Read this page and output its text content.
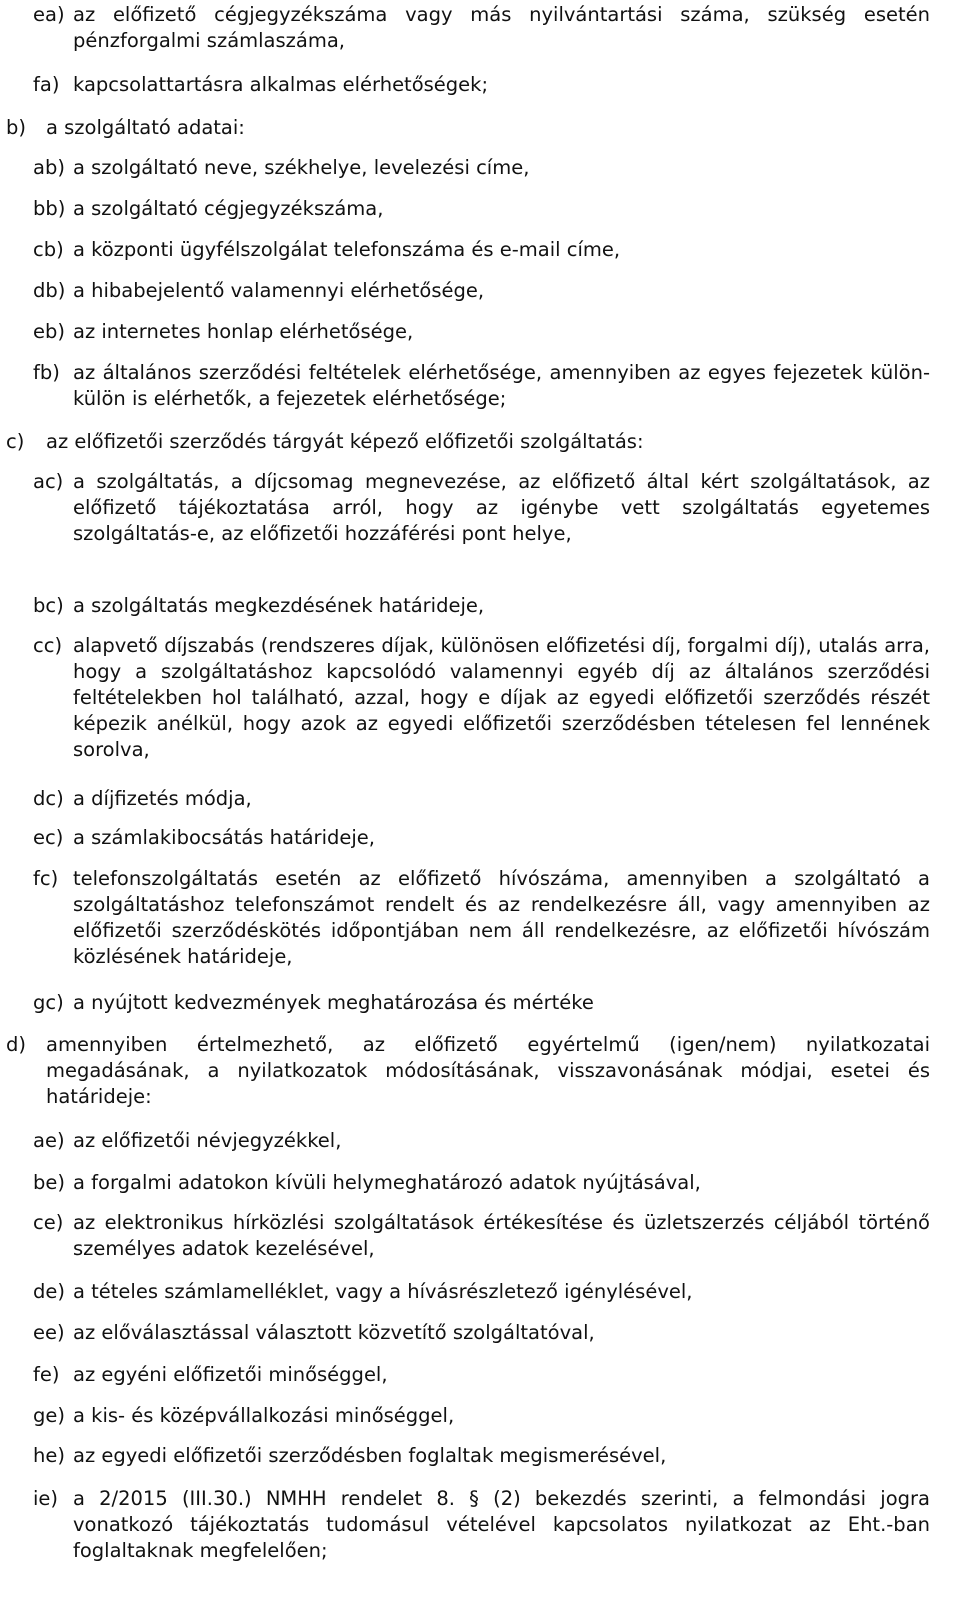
ea) az előfizető cégjegyzékszáma vagy más nyilvántartási száma, szükség esetén pénzforgalmi számlaszáma,
fa) kapcsolattartásra alkalmas elérhetőségek;
b) a szolgáltató adatai:
ab) a szolgáltató neve, székhelye, levelezési címe,
bb) a szolgáltató cégjegyzékszáma,
cb) a központi ügyfélszolgálat telefonszáma és e-mail címe,
db) a hibabejelentő valamennyi elérhetősége,
eb) az internetes honlap elérhetősége,
fb) az általános szerződési feltételek elérhetősége, amennyiben az egyes fejezetek külön-külön is elérhetők, a fejezetek elérhetősége;
c) az előfizetői szerződés tárgyát képező előfizetői szolgáltatás:
ac) a szolgáltatás, a díjcsomag megnevezése, az előfizető által kért szolgáltatások, az előfizető tájékoztatása arról, hogy az igénybe vett szolgáltatás egyetemes szolgáltatás-e, az előfizetői hozzáférési pont helye,
bc) a szolgáltatás megkezdésének határideje,
cc) alapvető díjszabás (rendszeres díjak, különösen előfizetési díj, forgalmi díj), utalás arra, hogy a szolgáltatáshoz kapcsolódó valamennyi egyéb díj az általános szerződési feltételekben hol található, azzal, hogy e díjak az egyedi előfizetői szerződés részét képezik anélkül, hogy azok az egyedi előfizetői szerződésben tételesen fel lennének sorolva,
dc) a díjfizetés módja,
ec) a számlakibocsátás határideje,
fc) telefonszolgáltatás esetén az előfizető hívószáma, amennyiben a szolgáltató a szolgáltatáshoz telefonszámot rendelt és az rendelkezésre áll, vagy amennyiben az előfizetői szerződéskötés időpontjában nem áll rendelkezésre, az előfizetői hívószám közlésének határideje,
gc) a nyújtott kedvezmények meghatározása és mértéke
d) amennyiben értelmezhető, az előfizető egyértelmű (igen/nem) nyilatkozatai megadásának, a nyilatkozatok módosításának, visszavonásának módjai, esetei és határideje:
ae) az előfizetői névjegyzékkel,
be) a forgalmi adatokon kívüli helymeghatározó adatok nyújtásával,
ce) az elektronikus hírközlési szolgáltatások értékesítése és üzletszerzés céljából történő személyes adatok kezelésével,
de) a tételes számlamelléklet, vagy a hívásrészletező igénylésével,
ee) az előválasztással választott közvetítő szolgáltatóval,
fe) az egyéni előfizetői minőséggel,
ge) a kis- és középvállalkozási minőséggel,
he) az egyedi előfizetői szerződésben foglaltak megismerésével,
ie) a 2/2015 (III.30.) NMHH rendelet 8. § (2) bekezdés szerinti, a felmondási jogra vonatkozó tájékoztatás tudomásul vételével kapcsolatos nyilatkozat az Eht.-ban foglaltaknak megfelelően;
